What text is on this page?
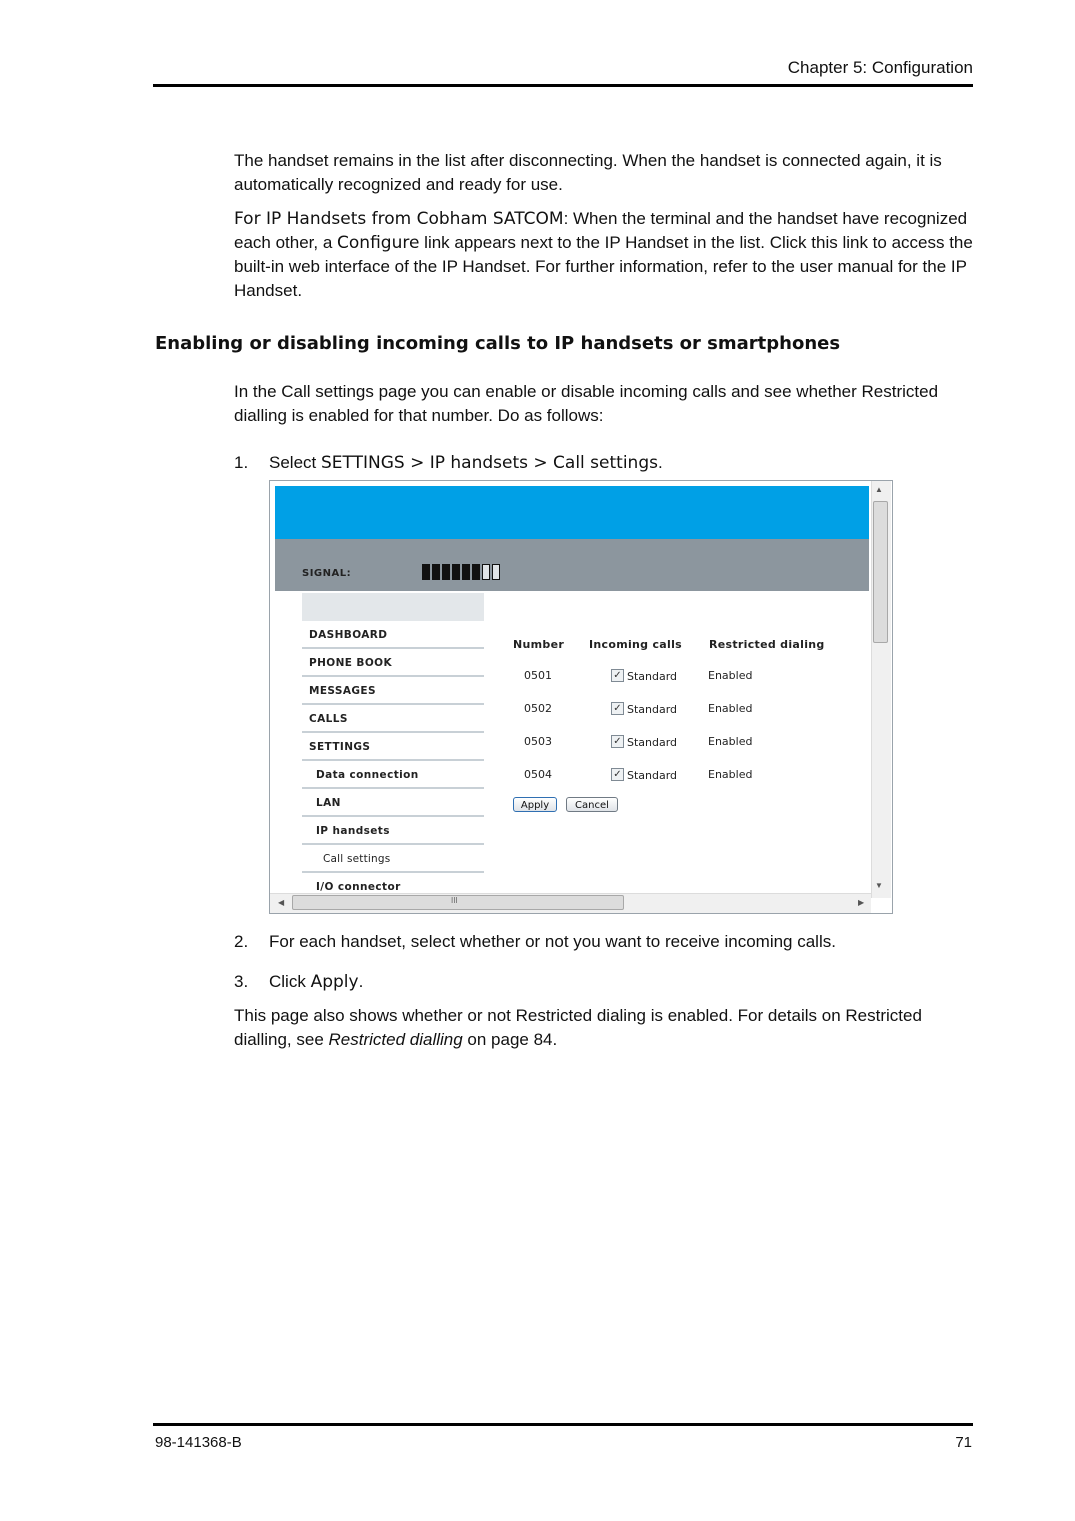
Chapter 5: Configuration
The handset remains in the list after disconnecting. When the handset is connected again, it is automatically recognized and ready for use.
For IP Handsets from Cobham SATCOM: When the terminal and the handset have recognized each other, a Configure link appears next to the IP Handset in the list. Click this link to access the built-in web interface of the IP Handset. For further information, refer to the user manual for the IP Handset.
Enabling or disabling incoming calls to IP handsets or smartphones
In the Call settings page you can enable or disable incoming calls and see whether Restricted dialling is enabled for that number. Do as follows:
1. Select SETTINGS > IP handsets > Call settings.
SIGNAL:
DASHBOARD
PHONE BOOK
MESSAGES
CALLS
SETTINGS
Data connection
LAN
IP handsets
Call settings
I/O connector
Number Incoming calls Restricted dialing
0501	✓ Standard	Enabled
0502	✓ Standard	Enabled
0503	✓ Standard	Enabled
0504	✓ Standard	Enabled
Apply	Cancel
▲
▼
III
◀	▶
2. For each handset, select whether or not you want to receive incoming calls.
3. Click Apply.
This page also shows whether or not Restricted dialing is enabled. For details on Restricted dialling, see Restricted dialling on page 84.
98-141368-B	71
